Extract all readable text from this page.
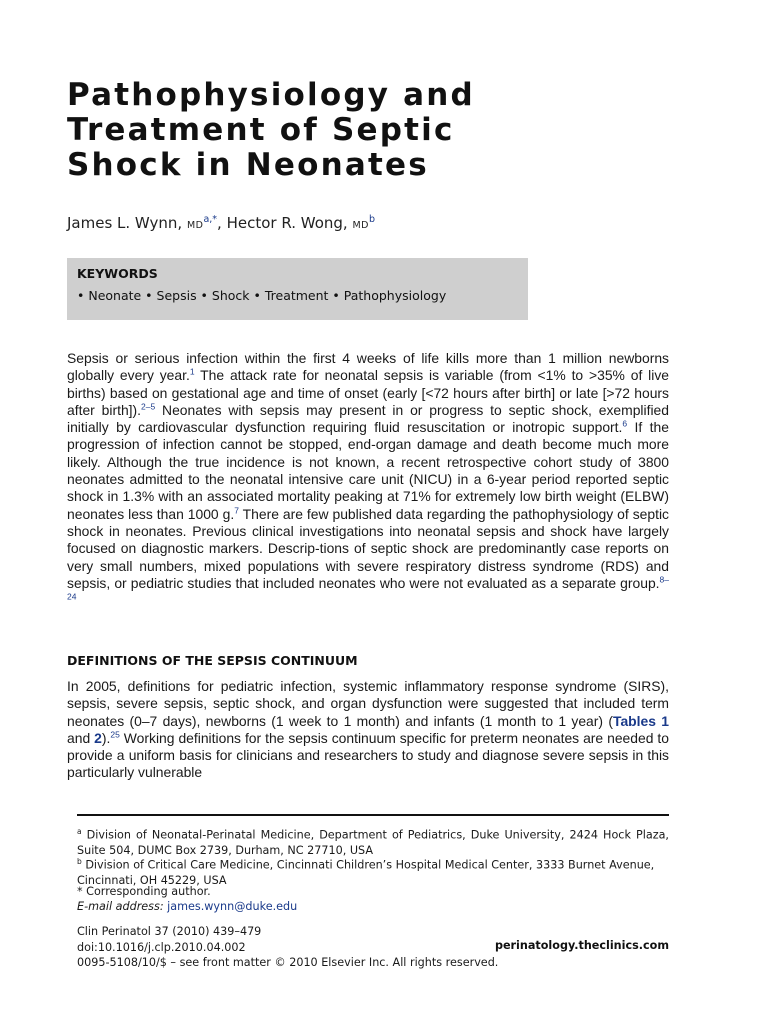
Pathophysiology and
Treatment of Septic
Shock in Neonates
James L. Wynn, $MD^{a,*}$, Hector R. Wong, $MD^b$
KEYWORDS
• Neonate • Sepsis • Shock • Treatment • Pathophysiology

Sepsis or serious infection within the first 4 weeks of life kills more than 1 million newborns globally every year.$^1$ The attack rate for neonatal sepsis is variable (from <1% to >35% of live births) based on gestational age and time of onset (early [<72 hours after birth] or late [>72 hours after birth]).$^{2-5}$ Neonates with sepsis may present in or progress to septic shock, exemplified initially by cardiovascular dysfunction requiring fluid resuscitation or inotropic support.$^6$ If the progression of infection cannot be stopped, end-organ damage and death become much more likely. Although the true incidence is not known, a recent retrospective cohort study of 3800 neonates admitted to the neonatal intensive care unit (NICU) in a 6-year period reported septic shock in 1.3% with an associated mortality peaking at 71% for extremely low birth weight (ELBW) neonates less than 1000 g.$^7$ There are few published data regarding the pathophysiology of septic shock in neonates. Previous clinical investigations into neonatal sepsis and shock have largely focused on diagnostic markers. Descrip-tions of septic shock are predominantly case reports on very small numbers, mixed populations with severe respiratory distress syndrome (RDS) and sepsis, or pediatric studies that included neonates who were not evaluated as a separate group.$^{8-24}$

DEFINITIONS OF THE SEPSIS CONTINUUM

In 2005, definitions for pediatric infection, systemic inflammatory response syndrome (SIRS), sepsis, severe sepsis, septic shock, and organ dysfunction were suggested that included term neonates (0–7 days), newborns (1 week to 1 month) and infants (1 month to 1 year) (Tables 1 and 2).$^{25}$ Working definitions for the sepsis continuum specific for preterm neonates are needed to provide a uniform basis for clinicians and researchers to study and diagnose severe sepsis in this particularly vulnerable

$^a$ Division of Neonatal-Perinatal Medicine, Department of Pediatrics, Duke University, 2424 Hock Plaza, Suite 504, DUMC Box 2739, Durham, NC 27710, USA

$^b$ Division of Critical Care Medicine, Cincinnati Children’s Hospital Medical Center, 3333 Burnet Avenue, Cincinnati, OH 45229, USA

* Corresponding author.

E-mail address: james.wynn@duke.edu

Clin Perinatol 37 (2010) 439–479
doi:10.1016/j.clp.2010.04.002
0095-5108/10/$ – see front matter © 2010 Elsevier Inc. All rights reserved.
perinatology.theclinics.com
